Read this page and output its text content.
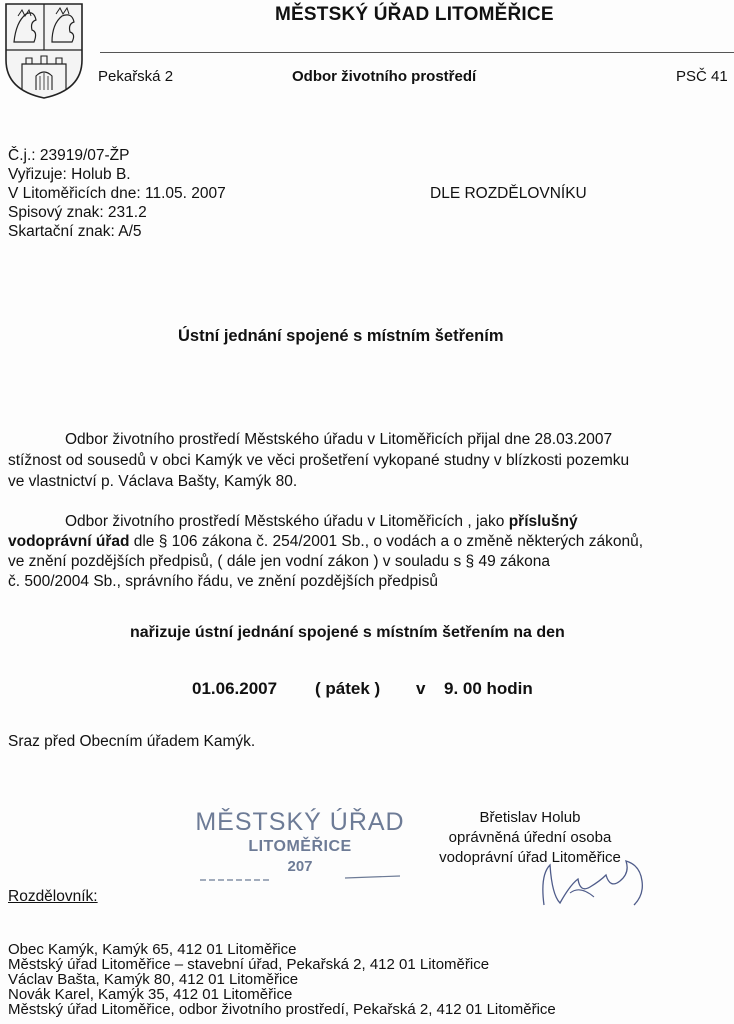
MĚSTSKÝ ÚŘAD LITOMĚŘICE
Pekařská 2	Odbor životního prostředí	PSČ 41
Č.j.: 23919/07-ŽP
Vyřizuje: Holub B.
V Litoměřicích dne: 11.05. 2007
Spisový znak: 231.2
Skartační znak: A/5
DLE ROZDĚLOVNÍKU
Ústní jednání spojené s místním šetřením
Odbor životního prostředí Městského úřadu v Litoměřicích přijal dne 28.03.2007
stížnost od sousedů v obci Kamýk ve věci prošetření vykopané studny v blízkosti pozemku
ve vlastnictví p. Václava Bašty, Kamýk 80.
Odbor životního prostředí Městského úřadu v Litoměřicích , jako příslušný
vodoprávní úřad dle § 106 zákona č. 254/2001 Sb., o vodách a o změně některých zákonů,
ve znění pozdějších předpisů, ( dále jen vodní zákon ) v souladu s § 49 zákona
č. 500/2004 Sb., správního řádu, ve znění pozdějších předpisů
nařizuje ústní jednání spojené s místním šetřením na den
01.06.2007 ( pátek ) v 9. 00 hodin
Sraz před Obecním úřadem Kamýk.
MĚSTSKÝ ÚŘAD
LITOMĚŘICE
207
Břetislav Holub
oprávněná úřední osoba
vodoprávní úřad Litoměřice
Rozdělovník:
Obec Kamýk, Kamýk 65, 412 01 Litoměřice
Městský úřad Litoměřice – stavební úřad, Pekařská 2, 412 01 Litoměřice
Václav Bašta, Kamýk 80, 412 01 Litoměřice
Novák Karel, Kamýk 35, 412 01 Litoměřice
Městský úřad Litoměřice, odbor životního prostředí, Pekařská 2, 412 01 Litoměřice
